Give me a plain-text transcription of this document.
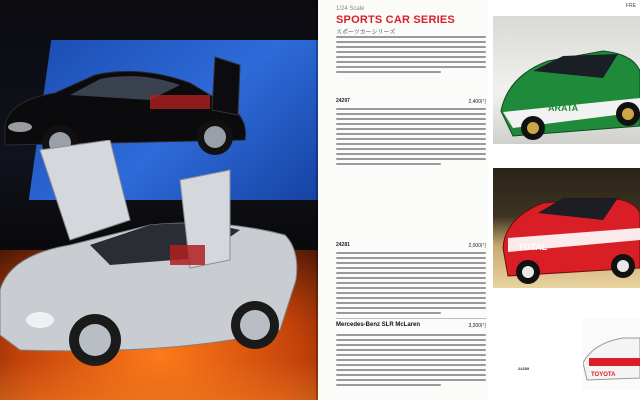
1/24 Scale
SPORTS CAR SERIES
スポーツカーシリーズ
24297	2,400円
24281	2,000円
Mercedes-Benz SLR McLaren	3,200円
FRE
ARATA
TOTAL
24289
TOYOTA
